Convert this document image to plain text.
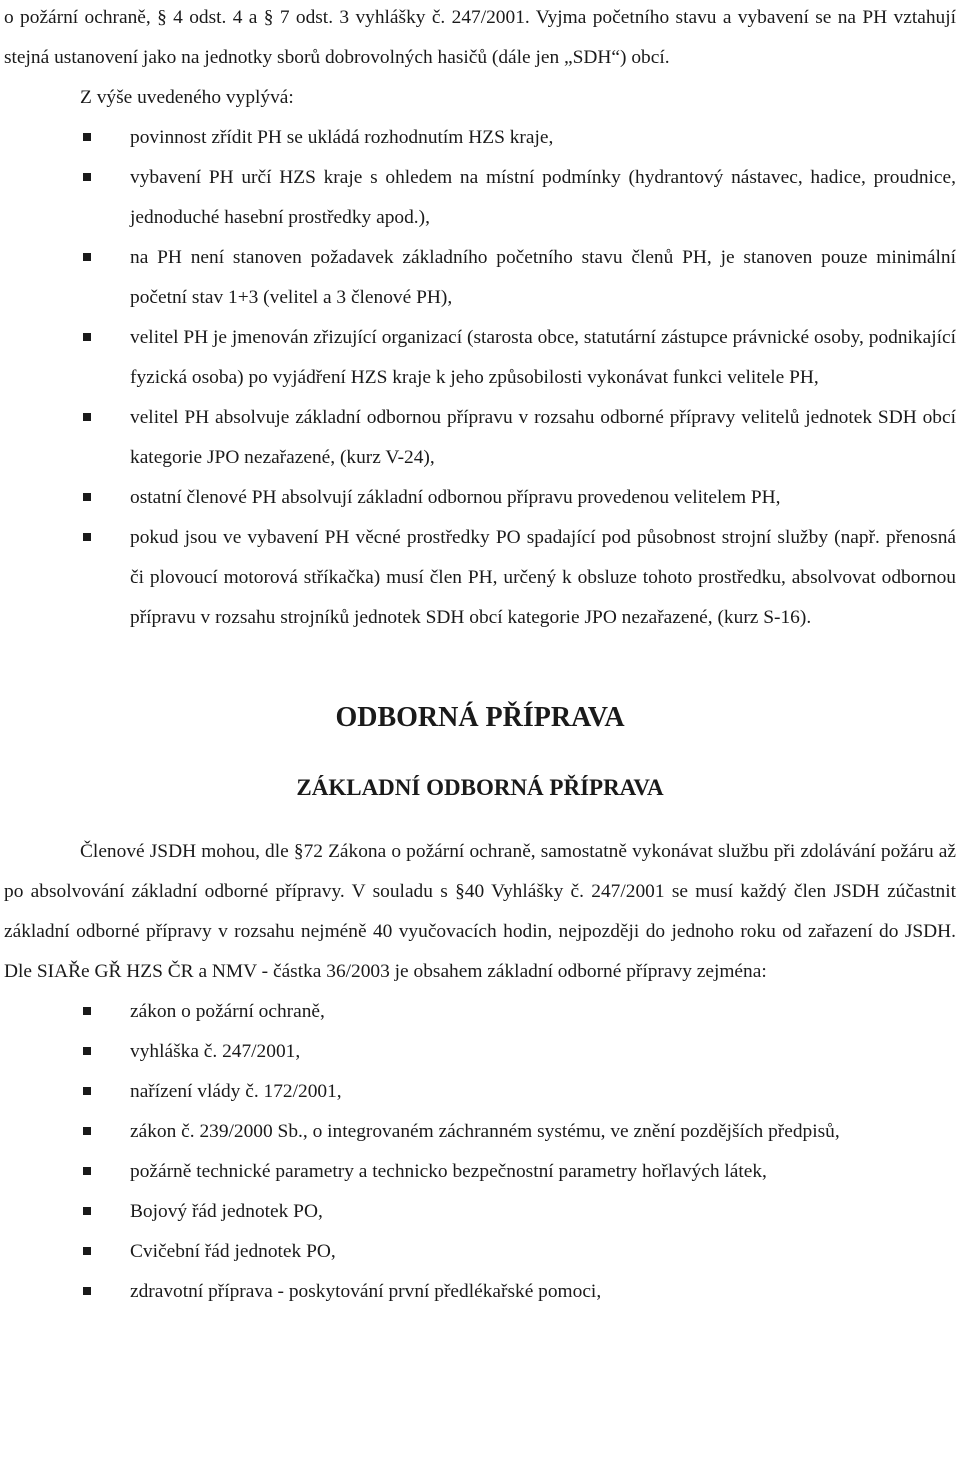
o požární ochraně, § 4 odst. 4 a § 7 odst. 3 vyhlášky č. 247/2001. Vyjma početního stavu a vybavení se na PH vztahují stejná ustanovení jako na jednotky sborů dobrovolných hasičů (dále jen „SDH“) obcí.

Z výše uvedeného vyplývá:

povinnost zřídit PH se ukládá rozhodnutím HZS kraje,
vybavení PH určí HZS kraje s ohledem na místní podmínky (hydrantový nástavec, hadice, proudnice, jednoduché hasební prostředky apod.),
na PH není stanoven požadavek základního početního stavu členů PH, je stanoven pouze minimální početní stav 1+3 (velitel a 3 členové PH),
velitel PH je jmenován zřizující organizací (starosta obce, statutární zástupce právnické osoby, podnikající fyzická osoba) po vyjádření HZS kraje k jeho způsobilosti vykonávat funkci velitele PH,
velitel PH absolvuje základní odbornou přípravu v rozsahu odborné přípravy velitelů jednotek SDH obcí kategorie JPO nezařazené, (kurz V-24),
ostatní členové PH absolvují základní odbornou přípravu provedenou velitelem PH,
pokud jsou ve vybavení PH věcné prostředky PO spadající pod působnost strojní služby (např. přenosná či plovoucí motorová stříkačka) musí člen PH, určený k obsluze tohoto prostředku, absolvovat odbornou přípravu v rozsahu strojníků jednotek SDH obcí kategorie JPO nezařazené, (kurz S-16).
ODBORNÁ PŘÍPRAVA
ZÁKLADNÍ ODBORNÁ PŘÍPRAVA

Členové JSDH mohou, dle §72 Zákona o požární ochraně, samostatně vykonávat službu při zdolávání požáru až po absolvování základní odborné přípravy. V souladu s §40 Vyhlášky č. 247/2001 se musí každý člen JSDH zúčastnit základní odborné přípravy v rozsahu nejméně 40 vyučovacích hodin, nejpozději do jednoho roku od zařazení do JSDH. Dle SIAŘe GŘ HZS ČR a NMV - částka 36/2003 je obsahem základní odborné přípravy zejména:

zákon o požární ochraně,
vyhláška č. 247/2001,
nařízení vlády č. 172/2001,
zákon č. 239/2000 Sb., o integrovaném záchranném systému, ve znění pozdějších předpisů,
požárně technické parametry a technicko bezpečnostní parametry hořlavých látek,
Bojový řád jednotek PO,
Cvičební řád jednotek PO,
zdravotní příprava - poskytování první předlékařské pomoci,
